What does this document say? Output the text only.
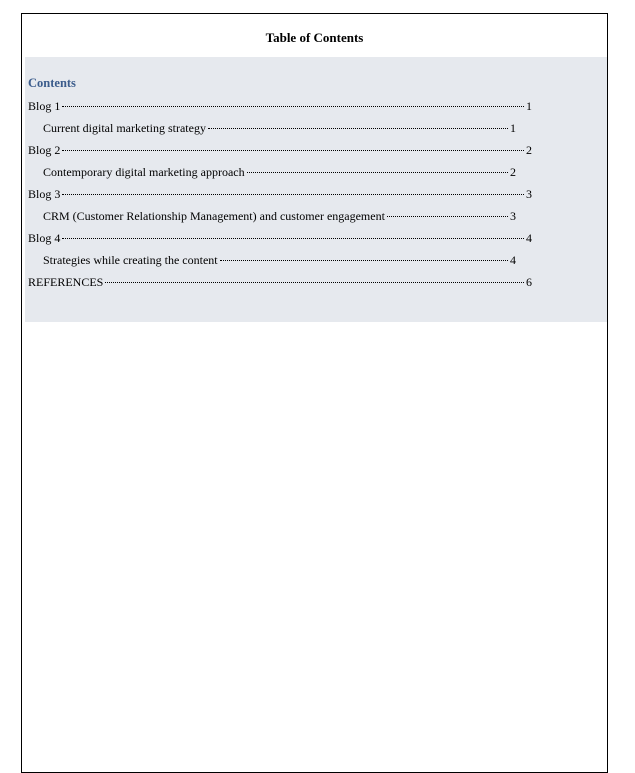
Table of Contents
Contents
Blog 1	1
Current digital marketing strategy	1
Blog 2	2
Contemporary digital marketing approach	2
Blog 3	3
CRM (Customer Relationship Management) and customer engagement	3
Blog 4	4
Strategies while creating the content	4
REFERENCES	6
